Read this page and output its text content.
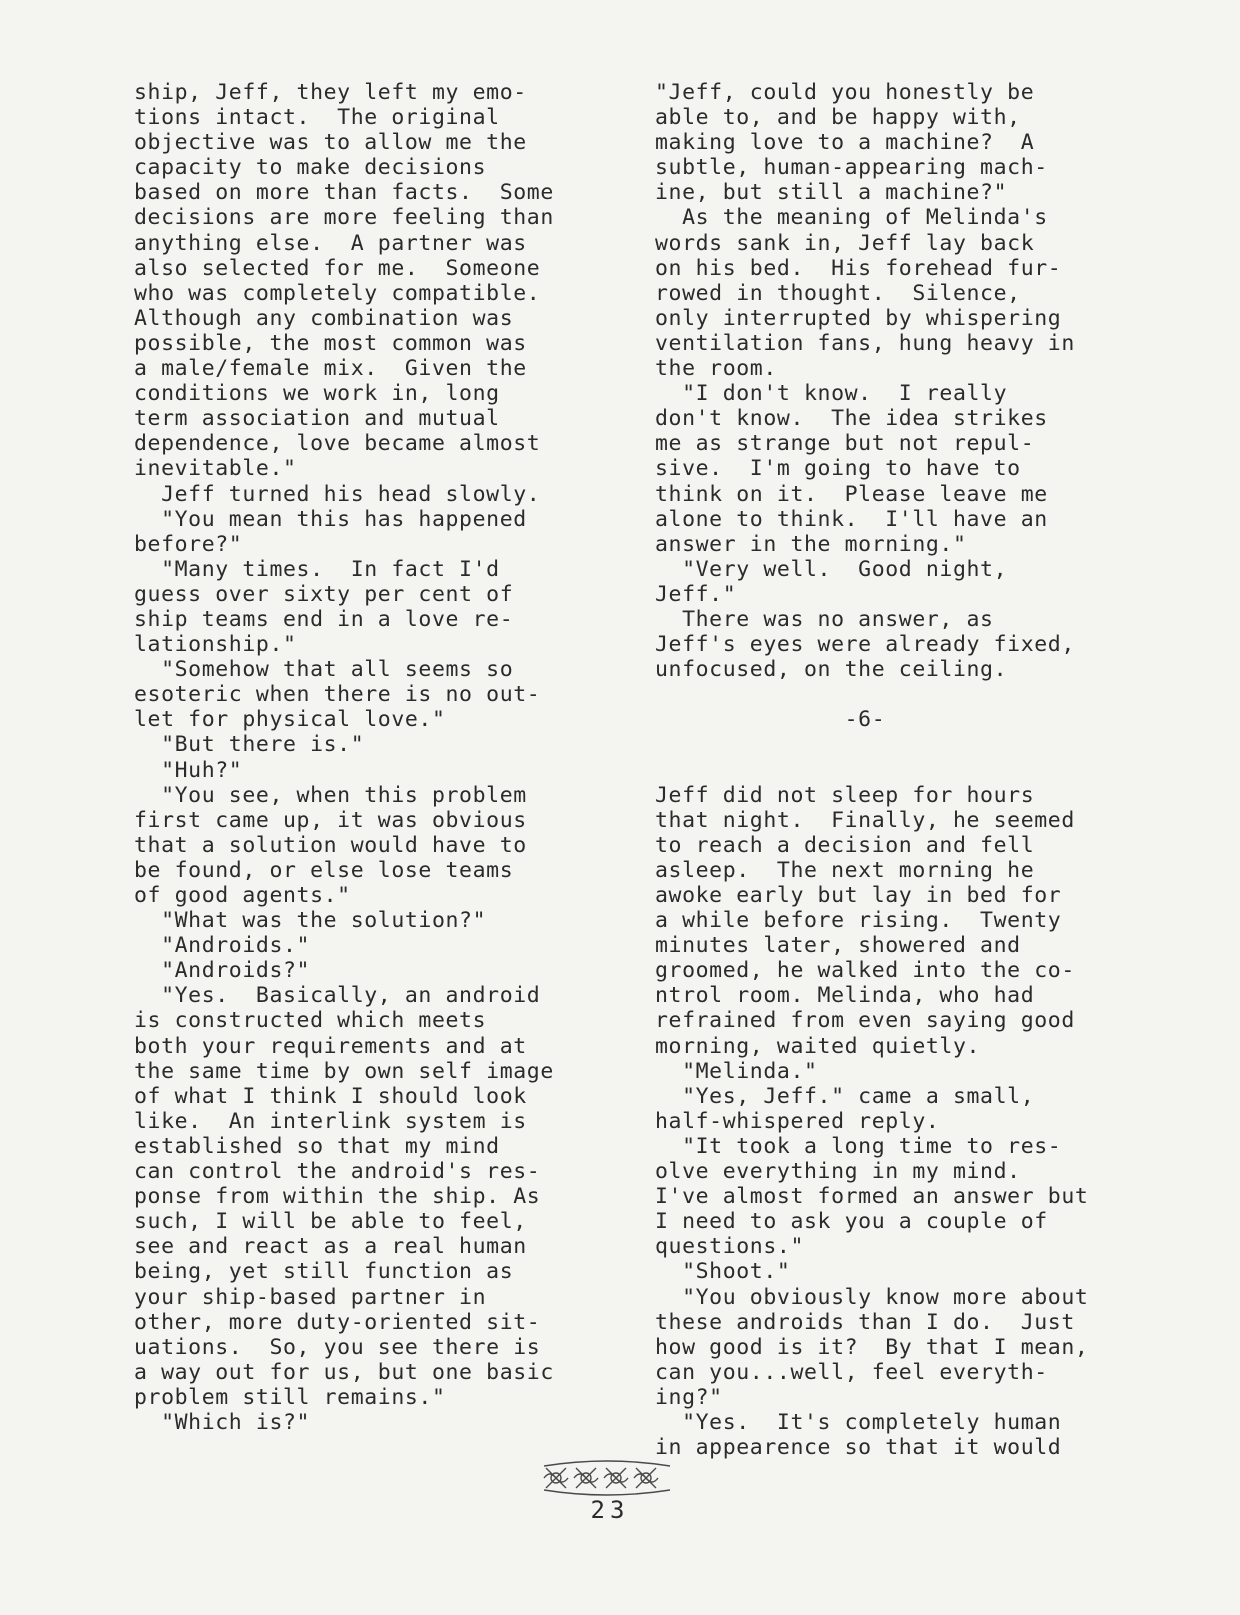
ship, Jeff, they left my emo-
tions intact.  The original
objective was to allow me the
capacity to make decisions
based on more than facts.  Some
decisions are more feeling than
anything else.  A partner was
also selected for me.  Someone
who was completely compatible.
Although any combination was
possible, the most common was
a male/female mix.  Given the
conditions we work in, long
term association and mutual
dependence, love became almost
inevitable."
Jeff turned his head slowly.
"You mean this has happened
before?"
"Many times.  In fact I'd
guess over sixty per cent of
ship teams end in a love re-
lationship."
"Somehow that all seems so
esoteric when there is no out-
let for physical love."
"But there is."
"Huh?"
"You see, when this problem
first came up, it was obvious
that a solution would have to
be found, or else lose teams
of good agents."
"What was the solution?"
"Androids."
"Androids?"
"Yes.  Basically, an android
is constructed which meets
both your requirements and at
the same time by own self image
of what I think I should look
like.  An interlink system is
established so that my mind
can control the android's res-
ponse from within the ship. As
such, I will be able to feel,
see and react as a real human
being, yet still function as
your ship-based partner in
other, more duty-oriented sit-
uations.  So, you see there is
a way out for us, but one basic
problem still remains."
"Which is?"
"Jeff, could you honestly be
able to, and be happy with,
making love to a machine?  A
subtle, human-appearing mach-
ine, but still a machine?"
As the meaning of Melinda's
words sank in, Jeff lay back
on his bed.  His forehead fur-
rowed in thought.  Silence,
only interrupted by whispering
ventilation fans, hung heavy in
the room.
"I don't know.  I really
don't know.  The idea strikes
me as strange but not repul-
sive.  I'm going to have to
think on it.  Please leave me
alone to think.  I'll have an
answer in the morning."
"Very well.  Good night,
Jeff."
There was no answer, as
Jeff's eyes were already fixed,
unfocused, on the ceiling.
-6-
Jeff did not sleep for hours
that night.  Finally, he seemed
to reach a decision and fell
asleep.  The next morning he
awoke early but lay in bed for
a while before rising.  Twenty
minutes later, showered and
groomed, he walked into the co-
ntrol room. Melinda, who had
refrained from even saying good
morning, waited quietly.
"Melinda."
"Yes, Jeff." came a small,
half-whispered reply.
"It took a long time to res-
olve everything in my mind.
I've almost formed an answer but
I need to ask you a couple of
questions."
"Shoot."
"You obviously know more about
these androids than I do.  Just
how good is it?  By that I mean,
can you...well, feel everyth-
ing?"
"Yes.  It's completely human
in appearence so that it would
23
